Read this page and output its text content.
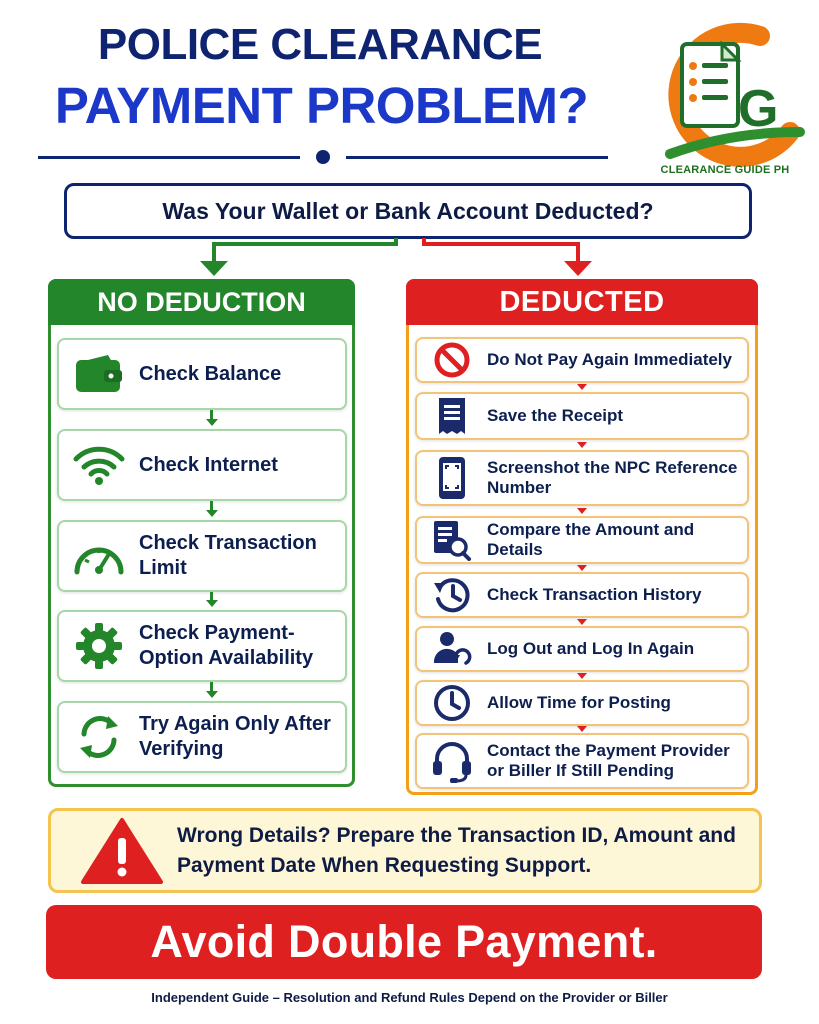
POLICE CLEARANCE
PAYMENT PROBLEM?	G
CLEARANCE GUIDE PH
Was Your Wallet or Bank Account Deducted?
NO DEDUCTION
Check Balance
Check Internet
Check Transaction Limit
Check Payment-Option Availability
Try Again Only After Verifying
DEDUCTED
Do Not Pay Again Immediately
Save the Receipt
Screenshot the NPC Reference Number
Compare the Amount and Details
Check Transaction History
Log Out and Log In Again
Allow Time for Posting
Contact the Payment Provider or Biller If Still Pending
Wrong Details? Prepare the Transaction ID, Amount and Payment Date When Requesting Support.
Avoid Double Payment.
Independent Guide – Resolution and Refund Rules Depend on the Provider or Biller
